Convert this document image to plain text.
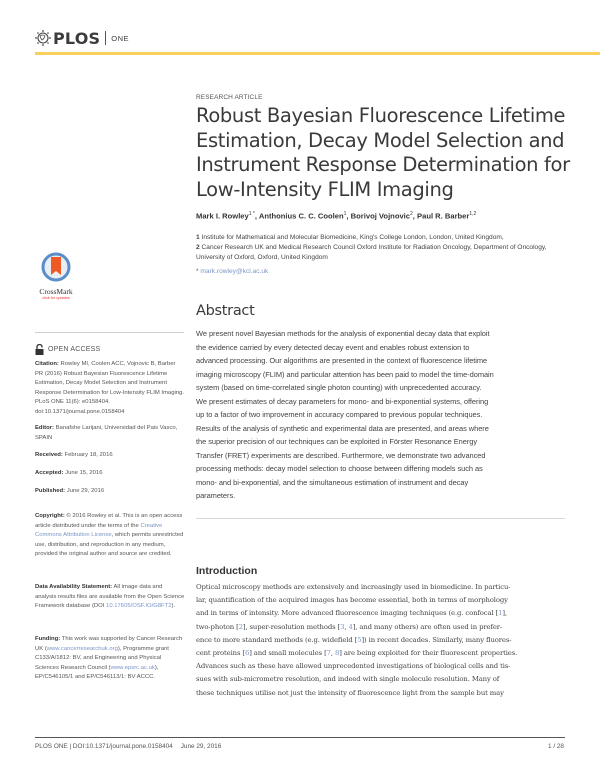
PLOS ONE
RESEARCH ARTICLE
Robust Bayesian Fluorescence Lifetime Estimation, Decay Model Selection and Instrument Response Determination for Low-Intensity FLIM Imaging
Mark I. Rowley$^{1 *}$, Anthonius C. C. Coolen$^1$, Borivoj Vojnovic$^2$, Paul R. Barber$^{1,2}$
1 Institute for Mathematical and Molecular Biomedicine, King's College London, London, United Kingdom,
2 Cancer Research UK and Medical Research Council Oxford Institute for Radiation Oncology, Department of Oncology, University of Oxford, Oxford, United Kingdom
* mark.rowley@kcl.ac.uk
CrossMark
click for updates
OPEN ACCESS
Citation: Rowley MI, Coolen ACC, Vojnovic B, Barber PR (2016) Robust Bayesian Fluorescence Lifetime Estimation, Decay Model Selection and Instrument Response Determination for Low-Intensity FLIM Imaging. PLoS ONE 11(6): e0158404. doi:10.1371/journal.pone.0158404
Editor: Banafshe Larijani, Universidad del Pais Vasco, SPAIN
Received: February 18, 2016
Accepted: June 15, 2016
Published: June 29, 2016
Copyright: © 2016 Rowley et al. This is an open access article distributed under the terms of the Creative Commons Attribution License, which permits unrestricted use, distribution, and reproduction in any medium, provided the original author and source are credited.
Data Availability Statement: All image data and analysis results files are available from the Open Science Framework database (DOI 10.17605/OSF.IO/G8FT2).
Funding: This work was supported by Cancer Research UK (www.cancerresearchuk.org), Programme grant C133/A/1812: BV, and Engineering and Physical Sciences Research Council (www.epsrc.ac.uk), EP/C546105/1 and EP/C546113/1: BV ACCC.
Abstract
We present novel Bayesian methods for the analysis of exponential decay data that exploit
the evidence carried by every detected decay event and enables robust extension to
advanced processing. Our algorithms are presented in the context of fluorescence lifetime
imaging microscopy (FLIM) and particular attention has been paid to model the time-domain
system (based on time-correlated single photon counting) with unprecedented accuracy.
We present estimates of decay parameters for mono- and bi-exponential systems, offering
up to a factor of two improvement in accuracy compared to previous popular techniques.
Results of the analysis of synthetic and experimental data are presented, and areas where
the superior precision of our techniques can be exploited in Förster Resonance Energy
Transfer (FRET) experiments are described. Furthermore, we demonstrate two advanced
processing methods: decay model selection to choose between differing models such as
mono- and bi-exponential, and the simultaneous estimation of instrument and decay
parameters.
Introduction
Optical microscopy methods are extensively and increasingly used in biomedicine. In particu-
lar, quantification of the acquired images has become essential, both in terms of morphology
and in terms of intensity. More advanced fluorescence imaging techniques (e.g. confocal [1],
two-photon [2], super-resolution methods [3, 4], and many others) are often used in prefer-
ence to more standard methods (e.g. widefield [5]) in recent decades. Similarly, many fluores-
cent proteins [6] and small molecules [7, 8] are being exploited for their fluorescent properties.
Advances such as these have allowed unprecedented investigations of biological cells and tis-
sues with sub-micrometre resolution, and indeed with single molecule resolution. Many of
these techniques utilise not just the intensity of fluorescence light from the sample but may
PLOS ONE | DOI:10.1371/journal.pone.0158404 June 29, 2016	1 / 28
